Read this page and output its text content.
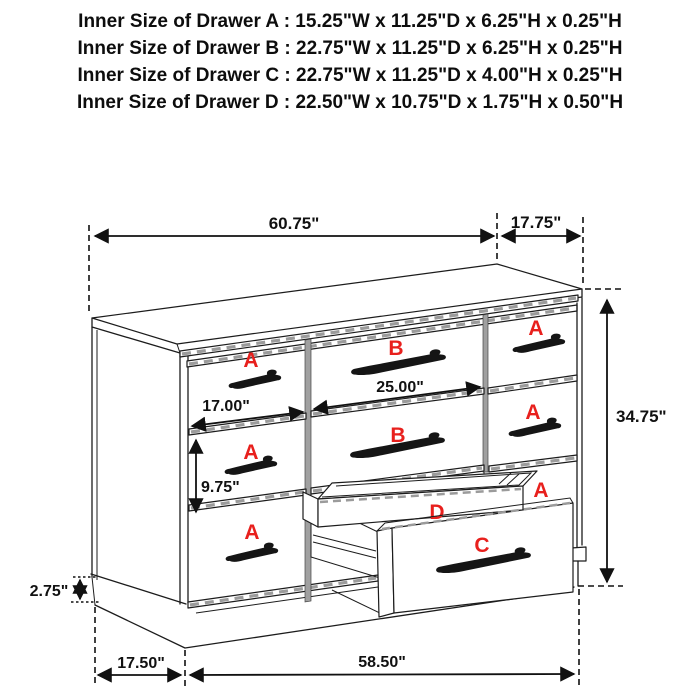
Inner Size of Drawer A : 15.25"W x 11.25"D x 6.25"H x 0.25"H
Inner Size of Drawer B : 22.75"W x 11.25"D x 6.25"H x 0.25"H
Inner Size of Drawer C : 22.75"W x 11.25"D x 4.00"H x 0.25"H
Inner Size of Drawer D : 22.50"W x 10.75"D x 1.75"H x 0.50"H
60.75"	17.75"
A
B
A
A
B
A
A
A
D
C
17.00"
25.00"
9.75"
34.75"
2.75"
17.50"	58.50"
